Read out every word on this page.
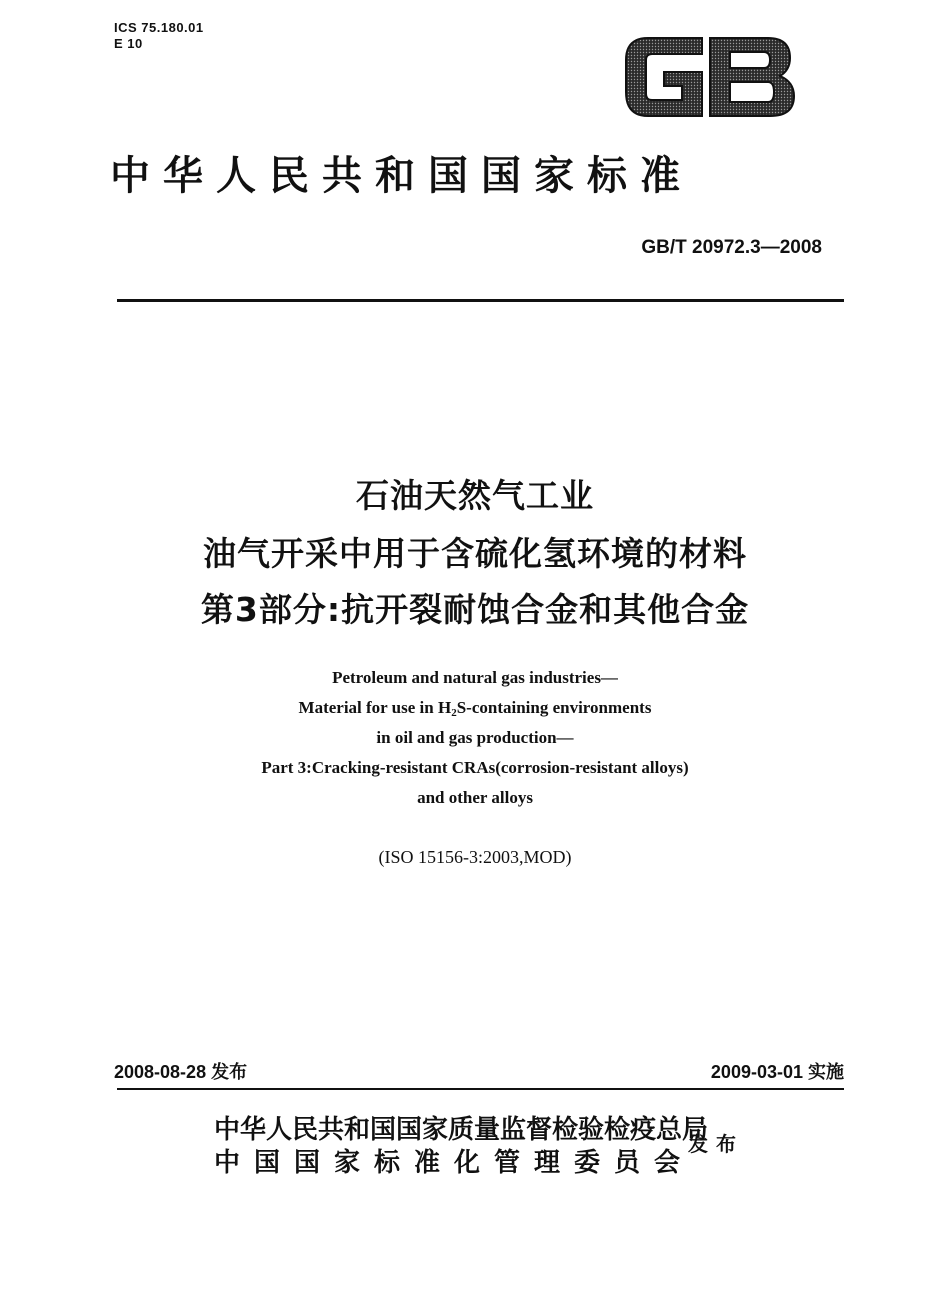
ICS 75.180.01
E 10
中华人民共和国国家标准
GB/T 20972.3—2008
石油天然气工业
油气开采中用于含硫化氢环境的材料
第3部分:抗开裂耐蚀合金和其他合金
Petroleum and natural gas industries—
Material for use in $H_2S$-containing environments
in oil and gas production—
Part 3:Cracking-resistant CRAs(corrosion-resistant alloys)
and other alloys
(ISO 15156-3:2003,MOD)
2008-08-28 发布	2009-03-01 实施
中华人民共和国国家质量监督检验检疫总局
中国国家标准化管理委员会
发布
